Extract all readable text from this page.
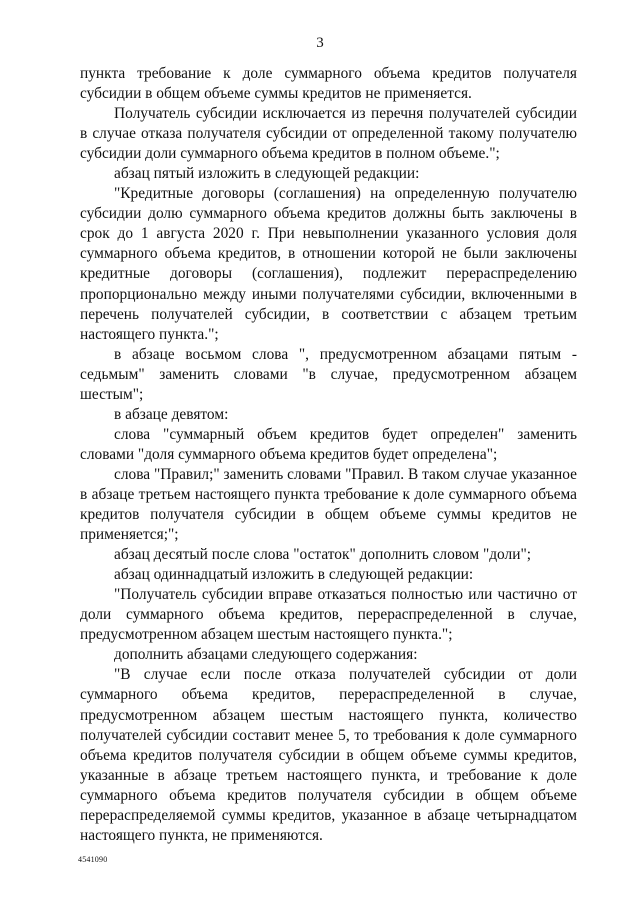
3

пункта требование к доле суммарного объема кредитов получателя субсидии в общем объеме суммы кредитов не применяется.

Получатель субсидии исключается из перечня получателей субсидии в случае отказа получателя субсидии от определенной такому получателю субсидии доли суммарного объема кредитов в полном объеме.";

абзац пятый изложить в следующей редакции:

"Кредитные договоры (соглашения) на определенную получателю субсидии долю суммарного объема кредитов должны быть заключены в срок до 1 августа 2020 г. При невыполнении указанного условия доля суммарного объема кредитов, в отношении которой не были заключены кредитные договоры (соглашения), подлежит перераспределению пропорционально между иными получателями субсидии, включенными в перечень получателей субсидии, в соответствии с абзацем третьим настоящего пункта.";

в абзаце восьмом слова ", предусмотренном абзацами пятым - седьмым" заменить словами "в случае, предусмотренном абзацем шестым";

в абзаце девятом:

слова "суммарный объем кредитов будет определен" заменить словами "доля суммарного объема кредитов будет определена";

слова "Правил;" заменить словами "Правил. В таком случае указанное в абзаце третьем настоящего пункта требование к доле суммарного объема кредитов получателя субсидии в общем объеме суммы кредитов не применяется;";

абзац десятый после слова "остаток" дополнить словом "доли";

абзац одиннадцатый изложить в следующей редакции:

"Получатель субсидии вправе отказаться полностью или частично от доли суммарного объема кредитов, перераспределенной в случае, предусмотренном абзацем шестым настоящего пункта.";

дополнить абзацами следующего содержания:

"В случае если после отказа получателей субсидии от доли суммарного объема кредитов, перераспределенной в случае, предусмотренном абзацем шестым настоящего пункта, количество получателей субсидии составит менее 5, то требования к доле суммарного объема кредитов получателя субсидии в общем объеме суммы кредитов, указанные в абзаце третьем настоящего пункта, и требование к доле суммарного объема кредитов получателя субсидии в общем объеме перераспределяемой суммы кредитов, указанное в абзаце четырнадцатом настоящего пункта, не применяются.

4541090
